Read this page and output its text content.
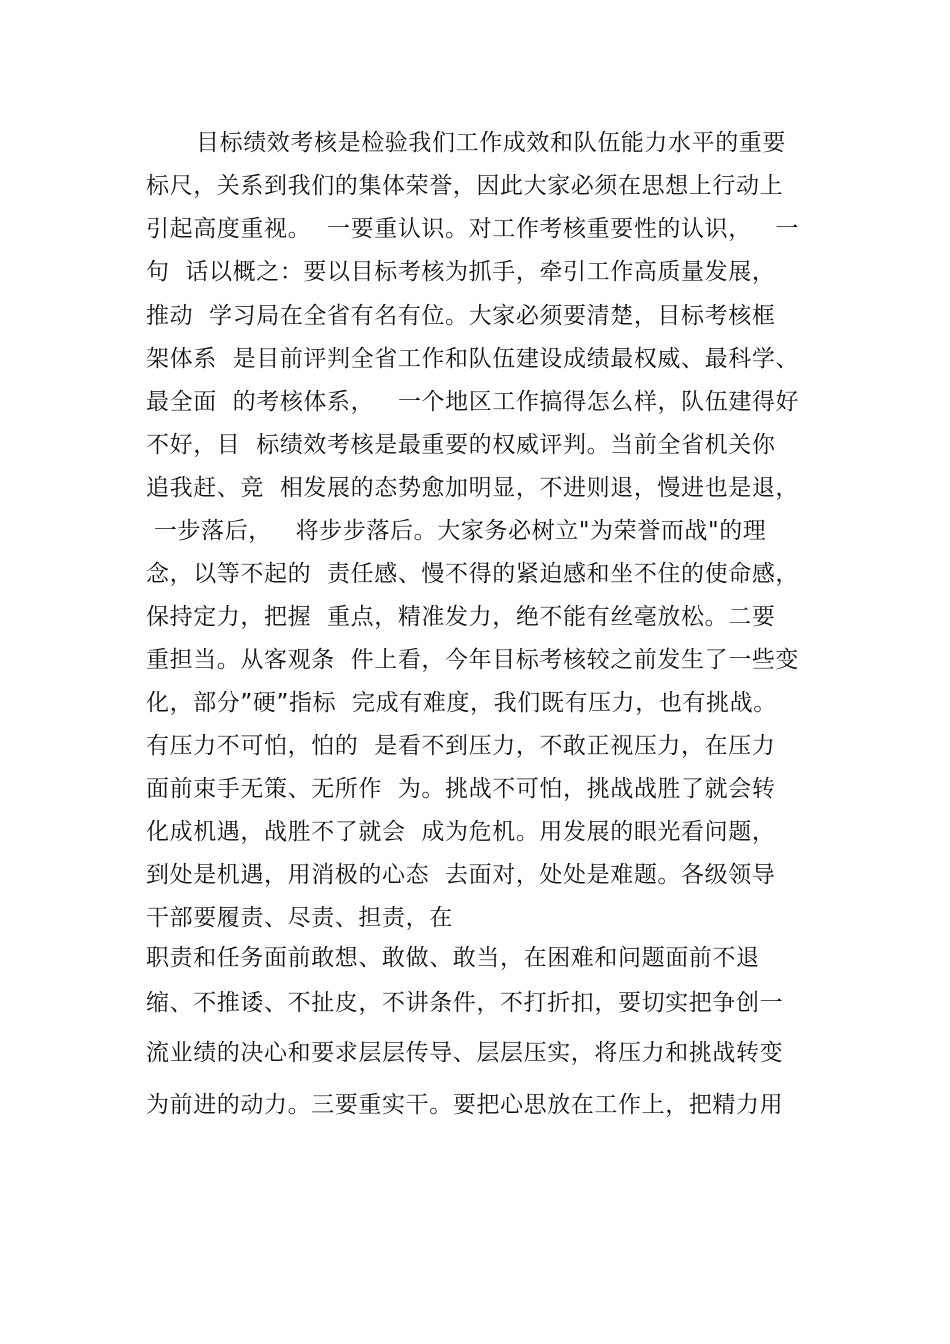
目标绩效考核是检验我们工作成效和队伍能力水平的重要
标尺，关系到我们的集体荣誉，因此大家必须在思想上行动上
引起高度重视。  一要重认识。对工作考核重要性的认识，   一
句  话以概之：要以目标考核为抓手，牵引工作高质量发展，
推动  学习局在全省有名有位。大家必须要清楚，目标考核框
架体系  是目前评判全省工作和队伍建设成绩最权威、最科学、
最全面  的考核体系，   一个地区工作搞得怎么样，队伍建得好
不好，目  标绩效考核是最重要的权威评判。当前全省机关你
追我赶、竞  相发展的态势愈加明显，不进则退，慢进也是退，
一步落后，   将步步落后。大家务必树立"为荣誉而战"的理
念，以等不起的  责任感、慢不得的紧迫感和坐不住的使命感，
保持定力，把握  重点，精准发力，绝不能有丝毫放松。二要
重担当。从客观条  件上看，今年目标考核较之前发生了一些变
化，部分”硬”指标  完成有难度，我们既有压力，也有挑战。
有压力不可怕，怕的  是看不到压力，不敢正视压力，在压力
面前束手无策、无所作  为。挑战不可怕，挑战战胜了就会转
化成机遇，战胜不了就会  成为危机。用发展的眼光看问题，
到处是机遇，用消极的心态  去面对，处处是难题。各级领导
干部要履责、尽责、担责，在
职责和任务面前敢想、敢做、敢当，在困难和问题面前不退
缩、不推诿、不扯皮，不讲条件，不打折扣，要切实把争创一
流业绩的决心和要求层层传导、层层压实，将压力和挑战转变
为前进的动力。三要重实干。要把心思放在工作上，把精力用
